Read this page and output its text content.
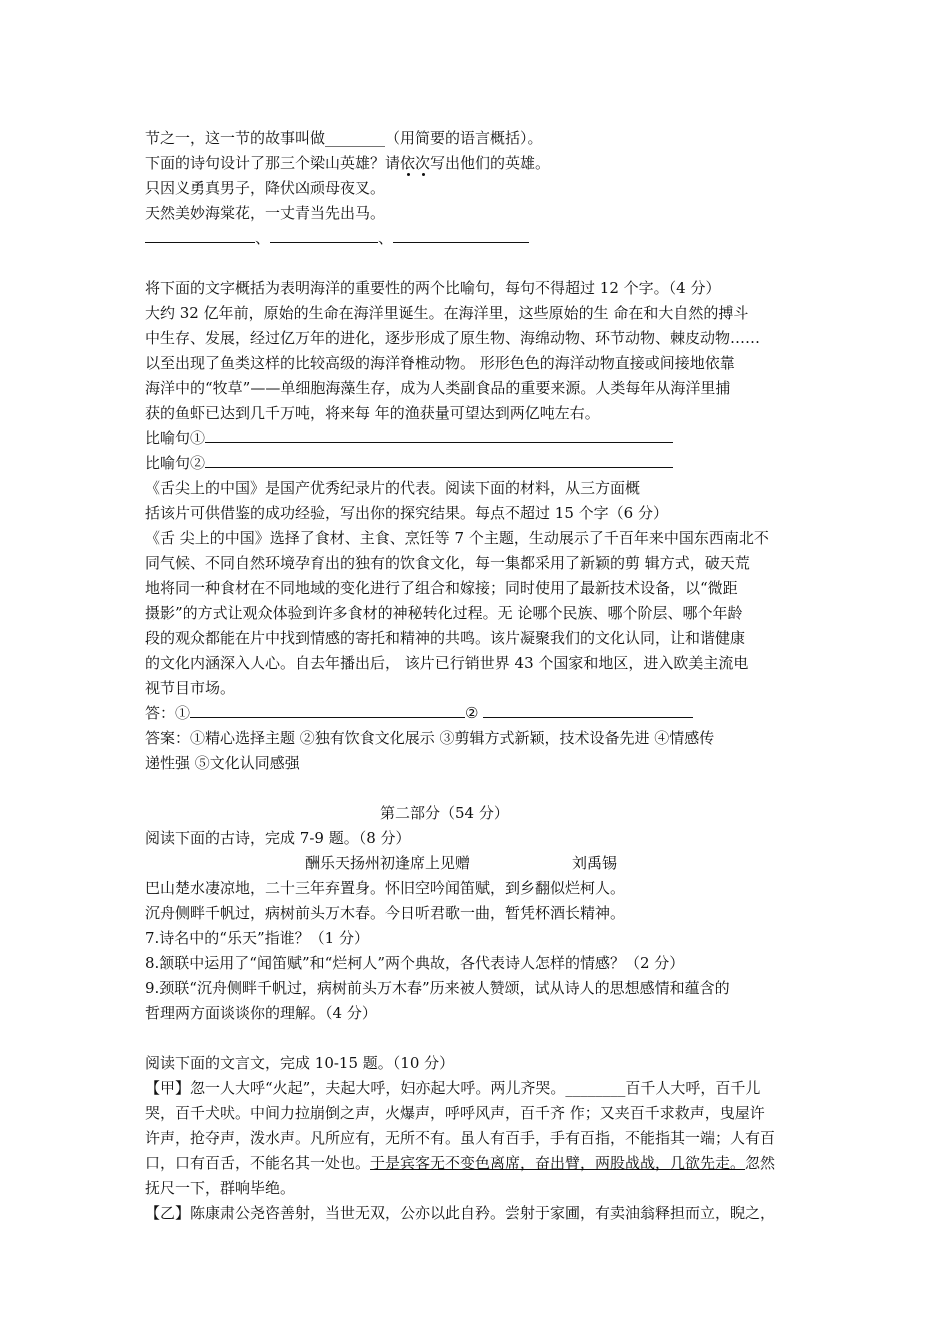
节之一，这一节的故事叫做________（用简要的语言概括）。
下面的诗句设计了那三个梁山英雄？请依次写出他们的英雄。
只因义勇真男子，降伏凶顽母夜叉。
天然美妙海棠花，一丈青当先出马。
、	、
将下面的文字概括为表明海洋的重要性的两个比喻句，每句不得超过 12 个字。（4 分）
大约 32 亿年前，原始的生命在海洋里诞生。在海洋里，这些原始的生 命在和大自然的搏斗
中生存、发展，经过亿万年的进化，逐步形成了原生物、海绵动物、环节动物、棘皮动物……
以至出现了鱼类这样的比较高级的海洋脊椎动物。 形形色色的海洋动物直接或间接地依靠
海洋中的“牧草”——单细胞海藻生存，成为人类副食品的重要来源。人类每年从海洋里捕
获的鱼虾已达到几千万吨，将来每 年的渔获量可望达到两亿吨左右。
比喻句①
比喻句②
《舌尖上的中国》是国产优秀纪录片的代表。阅读下面的材料，从三方面概
括该片可供借鉴的成功经验，写出你的探究结果。每点不超过 15 个字（6 分）
《舌 尖上的中国》选择了食材、主食、烹饪等 7 个主题，生动展示了千百年来中国东西南北不
同气候、不同自然环境孕育出的独有的饮食文化，每一集都采用了新颖的剪 辑方式，破天荒
地将同一种食材在不同地域的变化进行了组合和嫁接；同时使用了最新技术设备，以“微距
摄影”的方式让观众体验到许多食材的神秘转化过程。无 论哪个民族、哪个阶层、哪个年龄
段的观众都能在片中找到情感的寄托和精神的共鸣。该片凝聚我们的文化认同，让和谐健康
的文化内涵深入人心。自去年播出后， 该片已行销世界 43 个国家和地区，进入欧美主流电
视节目市场。
答：①	②
答案：①精心选择主题 ②独有饮食文化展示 ③剪辑方式新颖，技术设备先进 ④情感传
递性强 ⑤文化认同感强
第二部分（54 分）
阅读下面的古诗，完成 7-9 题。（8 分）
酬乐天扬州初逢席上见赠	刘禹锡
巴山楚水凄凉地，二十三年弃置身。怀旧空吟闻笛赋，到乡翻似烂柯人。
沉舟侧畔千帆过，病树前头万木春。今日听君歌一曲，暂凭杯酒长精神。
7.诗名中的“乐天”指谁？（1 分）
8.颔联中运用了“闻笛赋”和“烂柯人”两个典故，各代表诗人怎样的情感？（2 分）
9.颈联“沉舟侧畔千帆过，病树前头万木春”历来被人赞颂，试从诗人的思想感情和蕴含的
哲理两方面谈谈你的理解。（4 分）
阅读下面的文言文，完成 10-15 题。（10 分）
【甲】忽一人大呼“火起”，夫起大呼，妇亦起大呼。两儿齐哭。________百千人大呼，百千儿
哭，百千犬吠。中间力拉崩倒之声，火爆声，呼呼风声，百千齐 作；又夹百千求救声，曳屋许
许声，抢夺声，泼水声。凡所应有，无所不有。虽人有百手，手有百指，不能指其一端；人有百
口，口有百舌，不能名其一处也。于是宾客无不变色离席，奋出臂，两股战战，几欲先走。忽然
抚尺一下，群响毕绝。
【乙】陈康肃公尧咨善射，当世无双，公亦以此自矜。尝射于家圃，有卖油翁释担而立，睨之，
